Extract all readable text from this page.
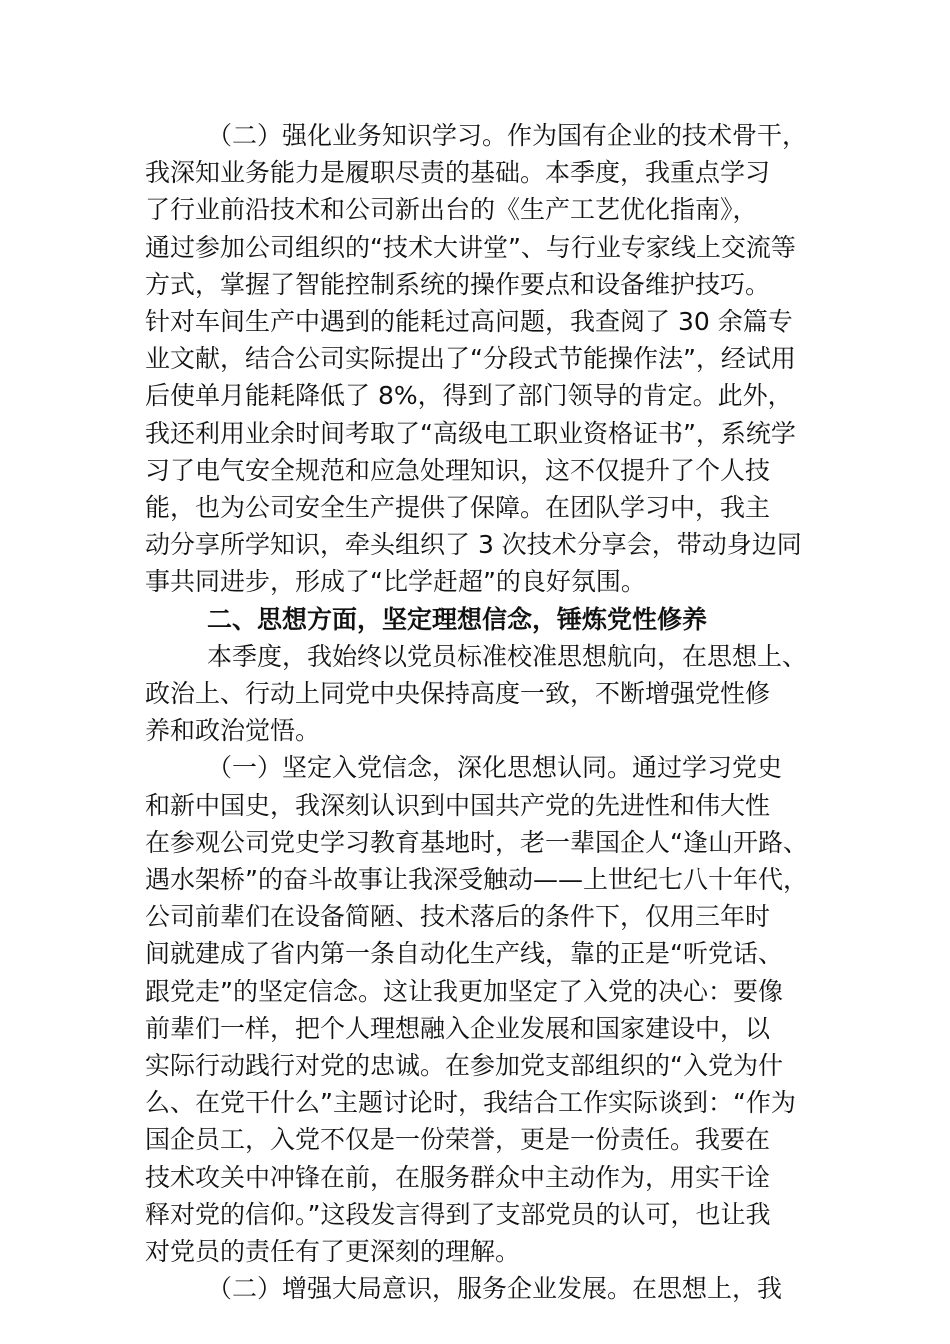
（二）强化业务知识学习。作为国有企业的技术骨干，
我深知业务能力是履职尽责的基础。本季度，我重点学习
了行业前沿技术和公司新出台的《生产工艺优化指南》，
通过参加公司组织的“技术大讲堂”、与行业专家线上交流等
方式，掌握了智能控制系统的操作要点和设备维护技巧。
针对车间生产中遇到的能耗过高问题，我查阅了 30 余篇专
业文献，结合公司实际提出了“分段式节能操作法”，经试用
后使单月能耗降低了 8%，得到了部门领导的肯定。此外，
我还利用业余时间考取了“高级电工职业资格证书”，系统学
习了电气安全规范和应急处理知识，这不仅提升了个人技
能，也为公司安全生产提供了保障。在团队学习中，我主
动分享所学知识，牵头组织了 3 次技术分享会，带动身边同
事共同进步，形成了“比学赶超”的良好氛围。
二、思想方面，坚定理想信念，锤炼党性修养
本季度，我始终以党员标准校准思想航向，在思想上、
政治上、行动上同党中央保持高度一致，不断增强党性修
养和政治觉悟。
（一）坚定入党信念，深化思想认同。通过学习党史
和新中国史，我深刻认识到中国共产党的先进性和伟大性
在参观公司党史学习教育基地时，老一辈国企人“逢山开路、
遇水架桥”的奋斗故事让我深受触动——上世纪七八十年代，
公司前辈们在设备简陋、技术落后的条件下，仅用三年时
间就建成了省内第一条自动化生产线，靠的正是“听党话、
跟党走”的坚定信念。这让我更加坚定了入党的决心：要像
前辈们一样，把个人理想融入企业发展和国家建设中，以
实际行动践行对党的忠诚。在参加党支部组织的“入党为什
么、在党干什么”主题讨论时，我结合工作实际谈到：“作为
国企员工，入党不仅是一份荣誉，更是一份责任。我要在
技术攻关中冲锋在前，在服务群众中主动作为，用实干诠
释对党的信仰。”这段发言得到了支部党员的认可，也让我
对党员的责任有了更深刻的理解。
（二）增强大局意识，服务企业发展。在思想上，我
